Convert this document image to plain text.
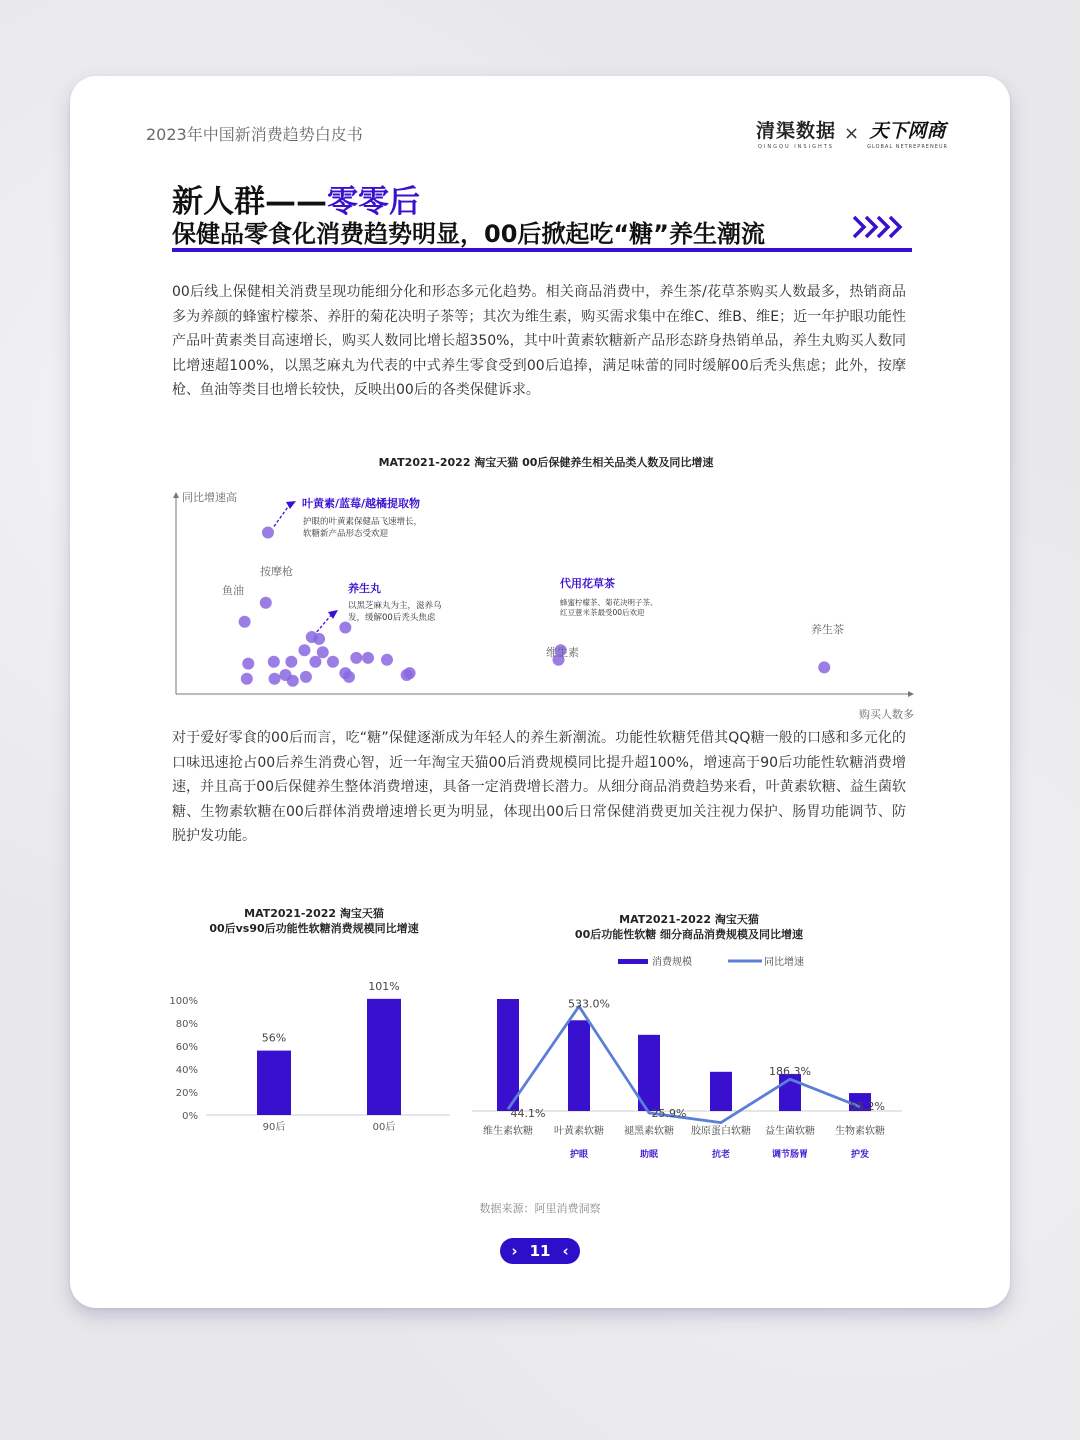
2023年中国新消费趋势白皮书	清渠数据
QINGQU INSIGHTS
× 天下网商
GLOBAL NETREPRENEUR
新人群——零零后
保健品零食化消费趋势明显，00后掀起吃“糖”养生潮流
00后线上保健相关消费呈现功能细分化和形态多元化趋势。相关商品消费中，养生茶/花草茶购买人数最多，热销商品多为养颜的蜂蜜柠檬茶、养肝的菊花决明子茶等；其次为维生素，购买需求集中在维C、维B、维E；近一年护眼功能性产品叶黄素类目高速增长，购买人数同比增长超350%，其中叶黄素软糖新产品形态跻身热销单品，养生丸购买人数同比增速超100%，以黑芝麻丸为代表的中式养生零食受到00后追捧，满足味蕾的同时缓解00后秃头焦虑；此外，按摩枪、鱼油等类目也增长较快，反映出00后的各类保健诉求。
MAT2021-2022 淘宝天猫 00后保健养生相关品类人数及同比增速
同比增速高
购买人数多
叶黄素/蓝莓/越橘提取物
护眼的叶黄素保健品飞速增长，
软糖新产品形态受欢迎
养生丸
以黑芝麻丸为主，滋养乌
发，缓解00后秃头焦虑
代用花草茶
蜂蜜柠檬茶、菊花决明子茶、
红豆薏米茶最受00后欢迎
按摩枪
鱼油
维生素
养生茶
对于爱好零食的00后而言，吃“糖”保健逐渐成为年轻人的养生新潮流。功能性软糖凭借其QQ糖一般的口感和多元化的口味迅速抢占00后养生消费心智，近一年淘宝天猫00后消费规模同比提升超100%，增速高于90后功能性软糖消费增速，并且高于00后保健养生整体消费增速，具备一定消费增长潜力。从细分商品消费趋势来看，叶黄素软糖、益生菌软糖、生物素软糖在00后群体消费增速增长更为明显，体现出00后日常保健消费更加关注视力保护、肠胃功能调节、防脱护发功能。
MAT2021-2022 淘宝天猫
00后vs90后功能性软糖消费规模同比增速
0%
20%
40%
60%
80%
100%
56%
90后
101%
00后
MAT2021-2022 淘宝天猫
00后功能性软糖 细分商品消费规模及同比增速
消费规模	同比增速
44.1%
533.0%
25.9%
186.3%
55.2%
维生素软糖 叶黄素软糖
护眼
褪黑素软糖
助眠
胶原蛋白软糖
抗老
益生菌软糖
调节肠胃
生物素软糖
护发
数据来源：阿里消费洞察
› 11 ‹
